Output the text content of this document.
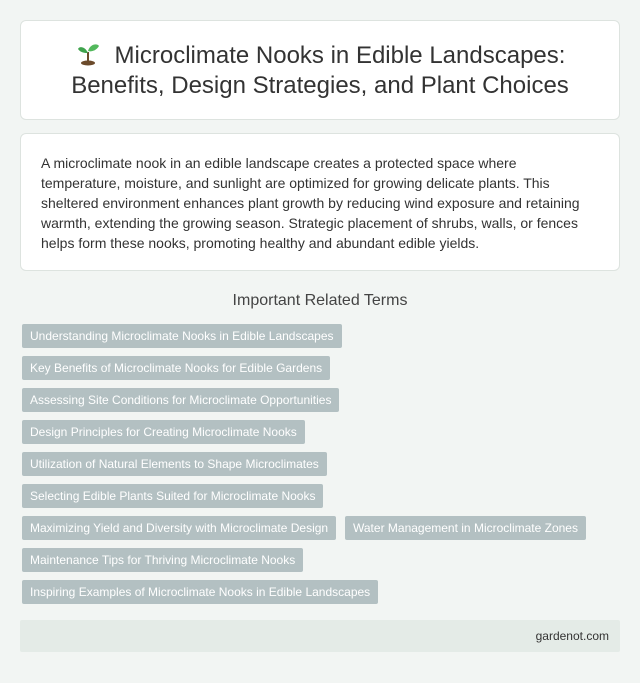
Microclimate Nooks in Edible Landscapes: Benefits, Design Strategies, and Plant Choices

A microclimate nook in an edible landscape creates a protected space where temperature, moisture, and sunlight are optimized for growing delicate plants. This sheltered environment enhances plant growth by reducing wind exposure and retaining warmth, extending the growing season. Strategic placement of shrubs, walls, or fences helps form these nooks, promoting healthy and abundant edible yields.

Important Related Terms
Understanding Microclimate Nooks in Edible Landscapes
Key Benefits of Microclimate Nooks for Edible Gardens
Assessing Site Conditions for Microclimate Opportunities
Design Principles for Creating Microclimate Nooks
Utilization of Natural Elements to Shape Microclimates
Selecting Edible Plants Suited for Microclimate Nooks
Maximizing Yield and Diversity with Microclimate Design	Water Management in Microclimate Zones
Maintenance Tips for Thriving Microclimate Nooks
Inspiring Examples of Microclimate Nooks in Edible Landscapes
gardenot.com
